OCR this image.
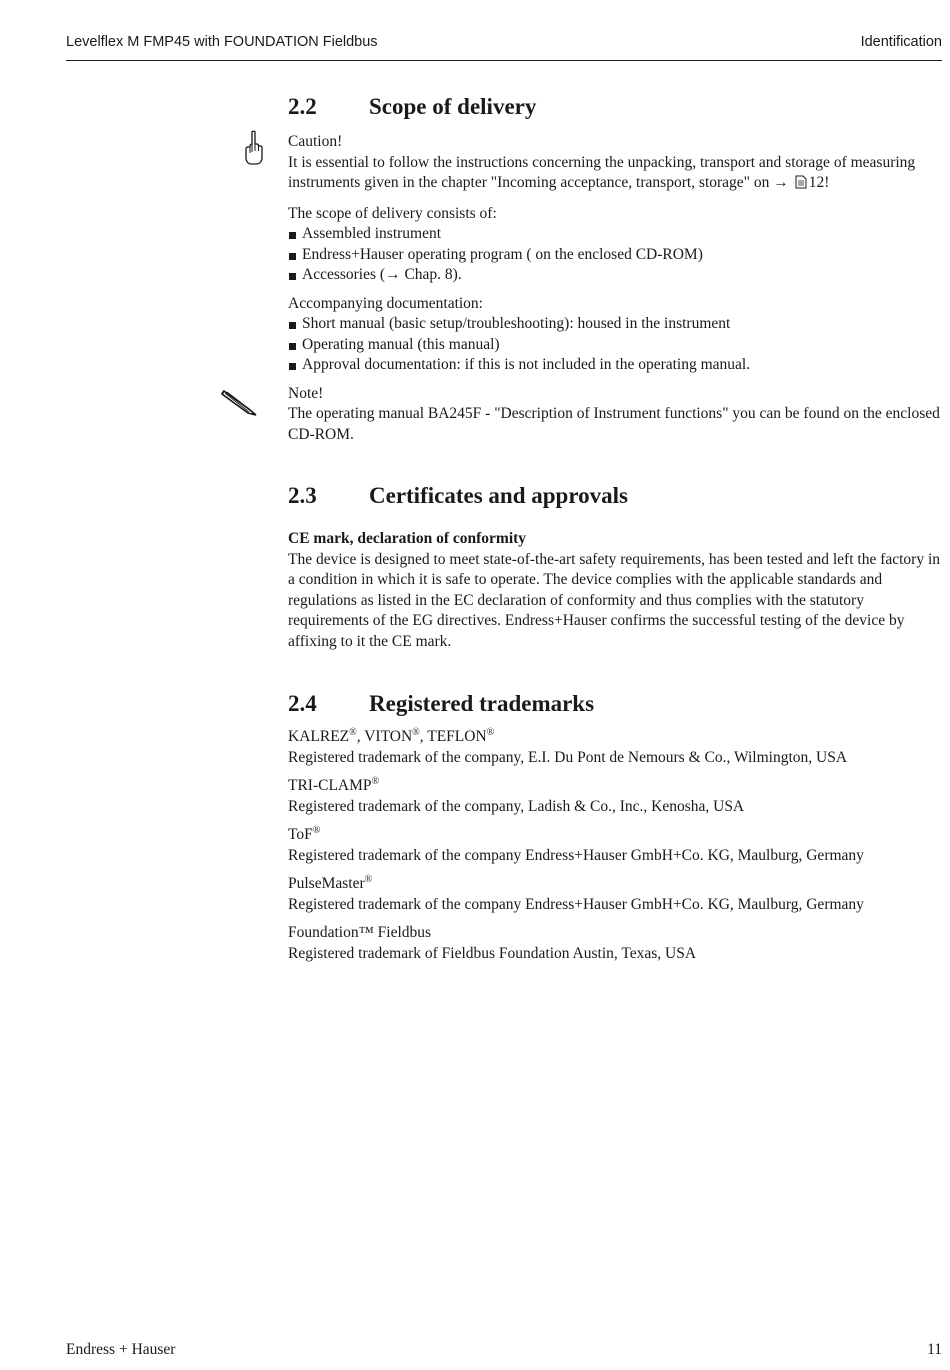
Levelflex M FMP45 with FOUNDATION Fieldbus	Identification
2.2	Scope of delivery

Caution!

It is essential to follow the instructions concerning the unpacking, transport and storage of measuring instruments given in the chapter "Incoming acceptance, transport, storage" on → 12!

The scope of delivery consists of:

Assembled instrument
Endress+Hauser operating program ( on the enclosed CD-ROM)
Accessories (→ Chap. 8).

Accompanying documentation:

Short manual (basic setup/troubleshooting): housed in the instrument
Operating manual (this manual)
Approval documentation: if this is not included in the operating manual.

Note!

The operating manual BA245F - "Description of Instrument functions" you can be found on the enclosed CD-ROM.

2.3	Certificates and approvals

CE mark, declaration of conformity

The device is designed to meet state-of-the-art safety requirements, has been tested and left the factory in a condition in which it is safe to operate. The device complies with the applicable standards and regulations as listed in the EC declaration of conformity and thus complies with the statutory requirements of the EG directives. Endress+Hauser confirms the successful testing of the device by affixing to it the CE mark.

2.4	Registered trademarks

KALREZ®, VITON®, TEFLON®

Registered trademark of the company, E.I. Du Pont de Nemours & Co., Wilmington, USA

TRI-CLAMP®

Registered trademark of the company, Ladish & Co., Inc., Kenosha, USA

ToF®

Registered trademark of the company Endress+Hauser GmbH+Co. KG, Maulburg, Germany

PulseMaster®

Registered trademark of the company Endress+Hauser GmbH+Co. KG, Maulburg, Germany

Foundation™ Fieldbus

Registered trademark of Fieldbus Foundation Austin, Texas, USA

Endress + Hauser	11
